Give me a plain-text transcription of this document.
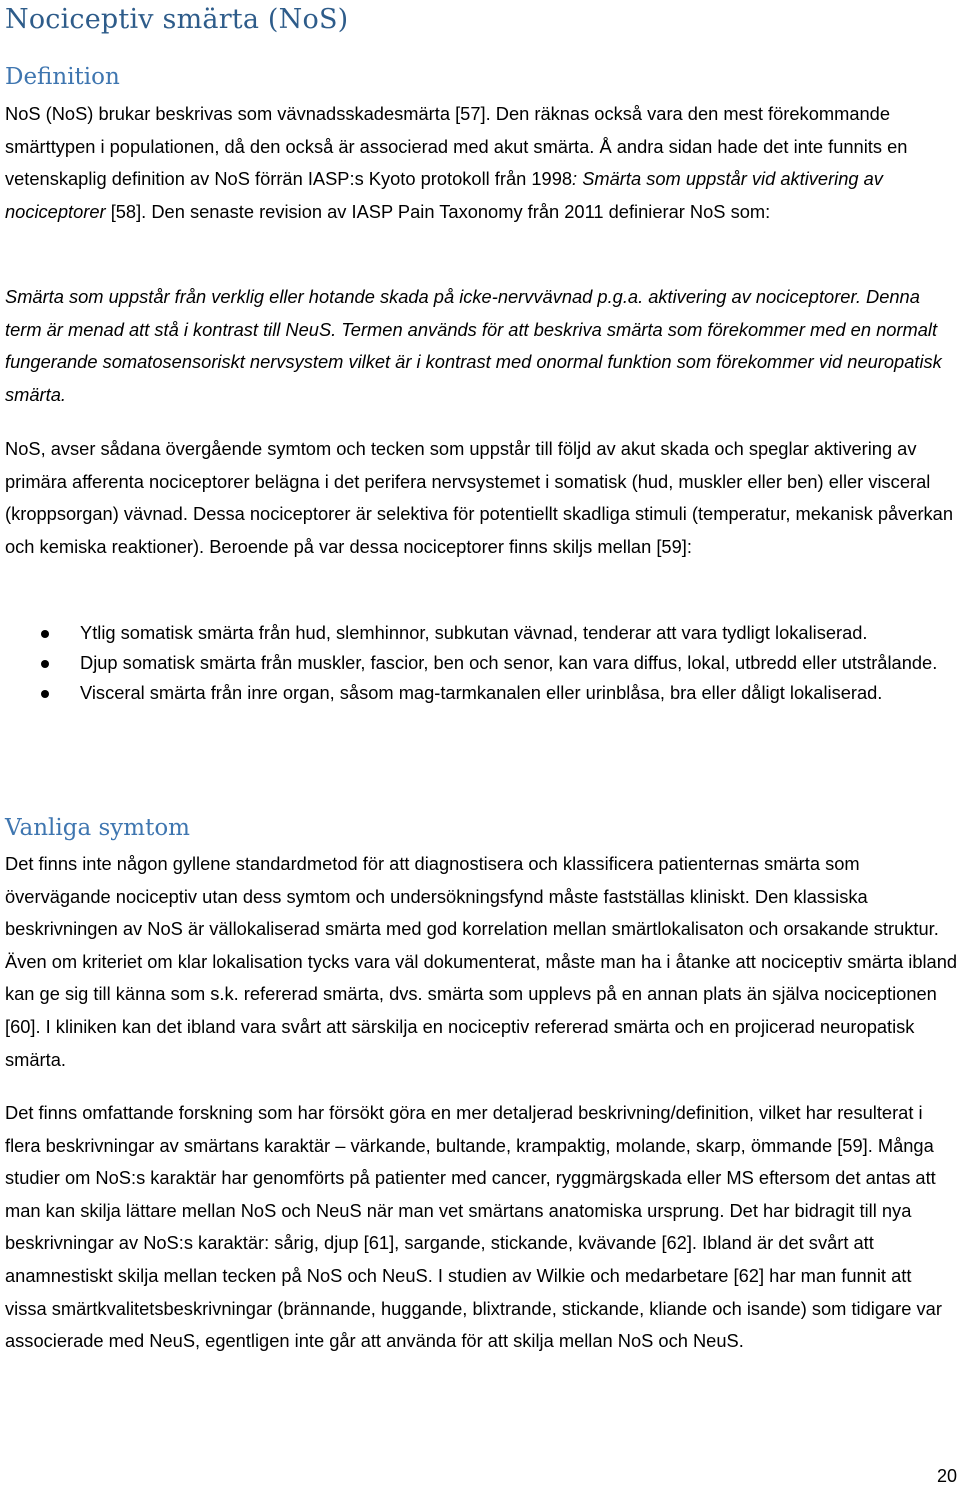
Nociceptiv smärta (NoS)
Definition

NoS (NoS) brukar beskrivas som vävnadsskadesmärta [57]. Den räknas också vara den mest förekommande smärttypen i populationen, då den också är associerad med akut smärta. Å andra sidan hade det inte funnits en vetenskaplig definition av NoS förrän IASP:s Kyoto protokoll från 1998: Smärta som uppstår vid aktivering av nociceptorer [58]. Den senaste revision av IASP Pain Taxonomy från 2011 definierar NoS som:

Smärta som uppstår från verklig eller hotande skada på icke-nervvävnad p.g.a. aktivering av nociceptorer. Denna term är menad att stå i kontrast till NeuS. Termen används för att beskriva smärta som förekommer med en normalt fungerande somatosensoriskt nervsystem vilket är i kontrast med onormal funktion som förekommer vid neuropatisk smärta.

NoS, avser sådana övergående symtom och tecken som uppstår till följd av akut skada och speglar aktivering av primära afferenta nociceptorer belägna i det perifera nervsystemet i somatisk (hud, muskler eller ben) eller visceral (kroppsorgan) vävnad. Dessa nociceptorer är selektiva för potentiellt skadliga stimuli (temperatur, mekanisk påverkan och kemiska reaktioner). Beroende på var dessa nociceptorer finns skiljs mellan [59]:

Ytlig somatisk smärta från hud, slemhinnor, subkutan vävnad, tenderar att vara tydligt lokaliserad.
Djup somatisk smärta från muskler, fascior, ben och senor, kan vara diffus, lokal, utbredd eller utstrålande.
Visceral smärta från inre organ, såsom mag-tarmkanalen eller urinblåsa, bra eller dåligt lokaliserad.
Vanliga symtom

Det finns inte någon gyllene standardmetod för att diagnostisera och klassificera patienternas smärta som övervägande nociceptiv utan dess symtom och undersökningsfynd måste fastställas kliniskt. Den klassiska beskrivningen av NoS är vällokaliserad smärta med god korrelation mellan smärtlokalisaton och orsakande struktur. Även om kriteriet om klar lokalisation tycks vara väl dokumenterat, måste man ha i åtanke att nociceptiv smärta ibland kan ge sig till känna som s.k. refererad smärta, dvs. smärta som upplevs på en annan plats än själva nociceptionen [60]. I kliniken kan det ibland vara svårt att särskilja en nociceptiv refererad smärta och en projicerad neuropatisk smärta.

Det finns omfattande forskning som har försökt göra en mer detaljerad beskrivning/definition, vilket har resulterat i flera beskrivningar av smärtans karaktär – värkande, bultande, krampaktig, molande, skarp, ömmande [59]. Många studier om NoS:s karaktär har genomförts på patienter med cancer, ryggmärgskada eller MS eftersom det antas att man kan skilja lättare mellan NoS och NeuS när man vet smärtans anatomiska ursprung. Det har bidragit till nya beskrivningar av NoS:s karaktär: sårig, djup [61], sargande, stickande, kvävande [62]. Ibland är det svårt att anamnestiskt skilja mellan tecken på NoS och NeuS. I studien av Wilkie och medarbetare [62] har man funnit att vissa smärtkvalitetsbeskrivningar (brännande, huggande, blixtrande, stickande, kliande och isande) som tidigare var associerade med NeuS, egentligen inte går att använda för att skilja mellan NoS och NeuS.

20
